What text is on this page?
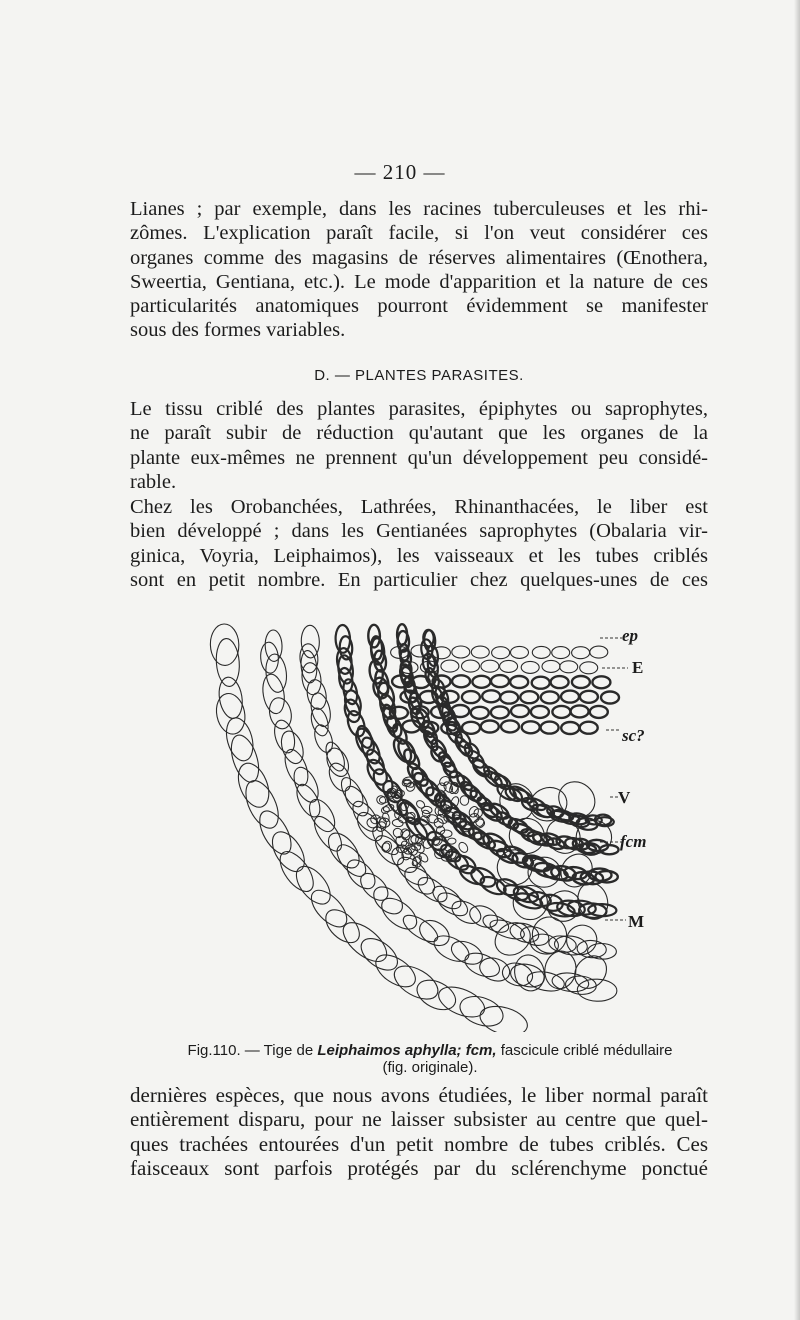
— 210 —
Lianes ; par exemple, dans les racines tuberculeuses et les rhi-
zômes. L'explication paraît facile, si l'on veut considérer ces
organes comme des magasins de réserves alimentaires (Œnothera,
Sweertia, Gentiana, etc.). Le mode d'apparition et la nature de ces
particularités anatomiques pourront évidemment se manifester
sous des formes variables.
D. — PLANTES PARASITES.
Le tissu criblé des plantes parasites, épiphytes ou saprophytes,
ne paraît subir de réduction qu'autant que les organes de la
plante eux-mêmes ne prennent qu'un développement peu considé-
rable.
Chez les Orobanchées, Lathrées, Rhinanthacées, le liber est
bien développé ; dans les Gentianées saprophytes (Obalaria vir-
ginica, Voyria, Leiphaimos), les vaisseaux et les tubes criblés
sont en petit nombre. En particulier chez quelques-unes de ces
ep
E
sc?
V
fcm
M
Fig.110. — Tige de Leiphaimos aphylla; fcm, fascicule criblé médullaire
(fig. originale).
dernières espèces, que nous avons étudiées, le liber normal paraît
entièrement disparu, pour ne laisser subsister au centre que quel-
ques trachées entourées d'un petit nombre de tubes criblés. Ces
faisceaux sont parfois protégés par du sclérenchyme ponctué
